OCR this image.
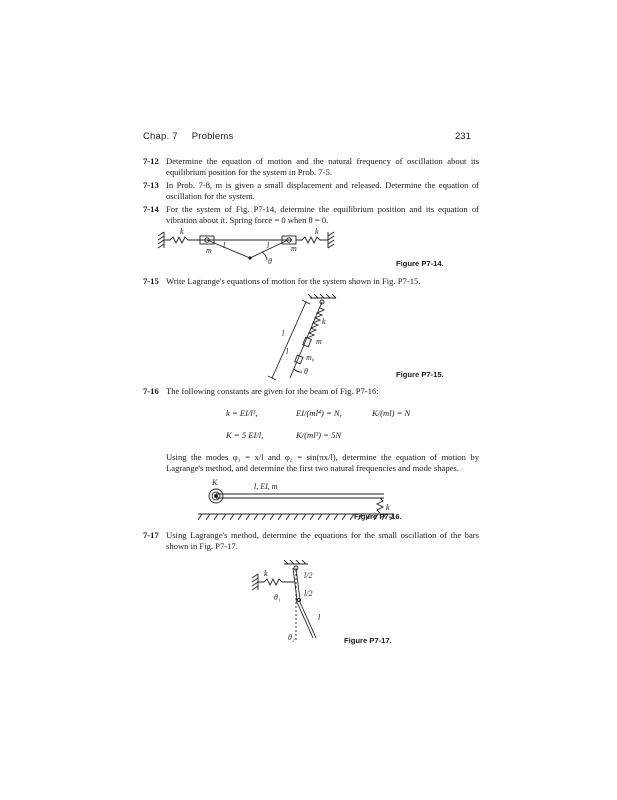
Chap. 7 Problems	231
7-12 Determine the equation of motion and the natural frequency of oscillation about its equilibrium position for the system in Prob. 7-5.
7-13 In Prob. 7-8, m is given a small displacement and released. Determine the equation of oscillation for the system.
7-14 For the system of Fig. P7-14, determine the equilibrium position and its equation of vibration about it. Spring force = 0 when θ = 0.
k
l
m
l	m
θ
k
Figure P7-14.
7-15 Write Lagrange's equations of motion for the system shown in Fig. P7-15.
l
k
m
l
m₀
θ	Figure P7-15.
7-16 The following constants are given for the beam of Fig. P7-16:
k = EI/l³,	EI/(ml⁴) = N,	K/(ml) = N
K = 5 EI/l,	K/(ml³) = 5N
Using the modes φ₁ = x/l and φ₂ = sin(πx/l), determine the equation of motion by Lagrange's method, and determine the first two natural frequencies and mode shapes.
K	l, EI, m
k
Figure P7-16.
7-17 Using Lagrange's method, determine the equations for the small oscillation of the bars shown in Fig. P7-17.
k	l/2
l/2
θ₁
l
θ₂	Figure P7-17.
